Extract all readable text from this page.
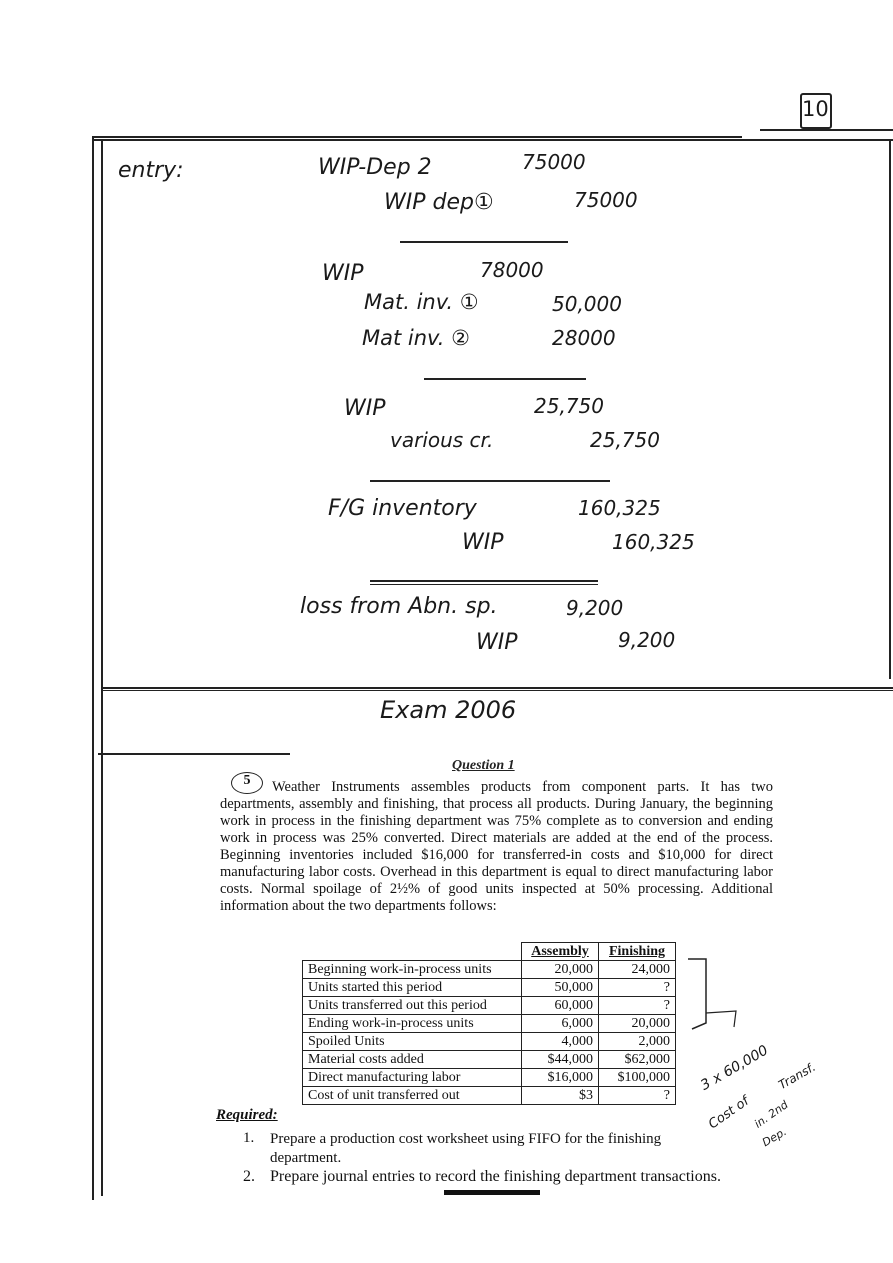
10
entry:	WIP-Dep 2	75000
WIP dep①	75000
WIP	78000
Mat. inv. ①	50,000
Mat inv. ②	28000
WIP	25,750
various cr.	25,750
F/G inventory	160,325
WIP	160,325
loss from Abn. sp.	9,200
WIP	9,200
Exam 2006
Question 1
5	Weather Instruments assembles products from component parts. It has two departments, assembly and finishing, that process all products. During January, the beginning work in process in the finishing department was 75% complete as to conversion and ending work in process was 25% converted. Direct materials are added at the end of the process. Beginning inventories included $16,000 for transferred-in costs and $10,000 for direct manufacturing labor costs. Overhead in this department is equal to direct manufacturing labor costs. Normal spoilage of 2½% of good units inspected at 50% processing. Additional information about the two departments follows:
	Assembly	Finishing
Beginning work-in-process units	20,000	24,000
Units started this period	50,000	?
Units transferred out this period	60,000	?
Ending work-in-process units	6,000	20,000
Spoiled Units	4,000	2,000
Material costs added	$44,000	$62,000
Direct manufacturing labor	$16,000	$100,000
Cost of unit transferred out	$3	?
3 x 60,000 Transf.
Cost of in. 2nd
Dep.
Required:
1. Prepare a production cost worksheet using FIFO for the finishing department.
2. Prepare journal entries to record the finishing department transactions.
